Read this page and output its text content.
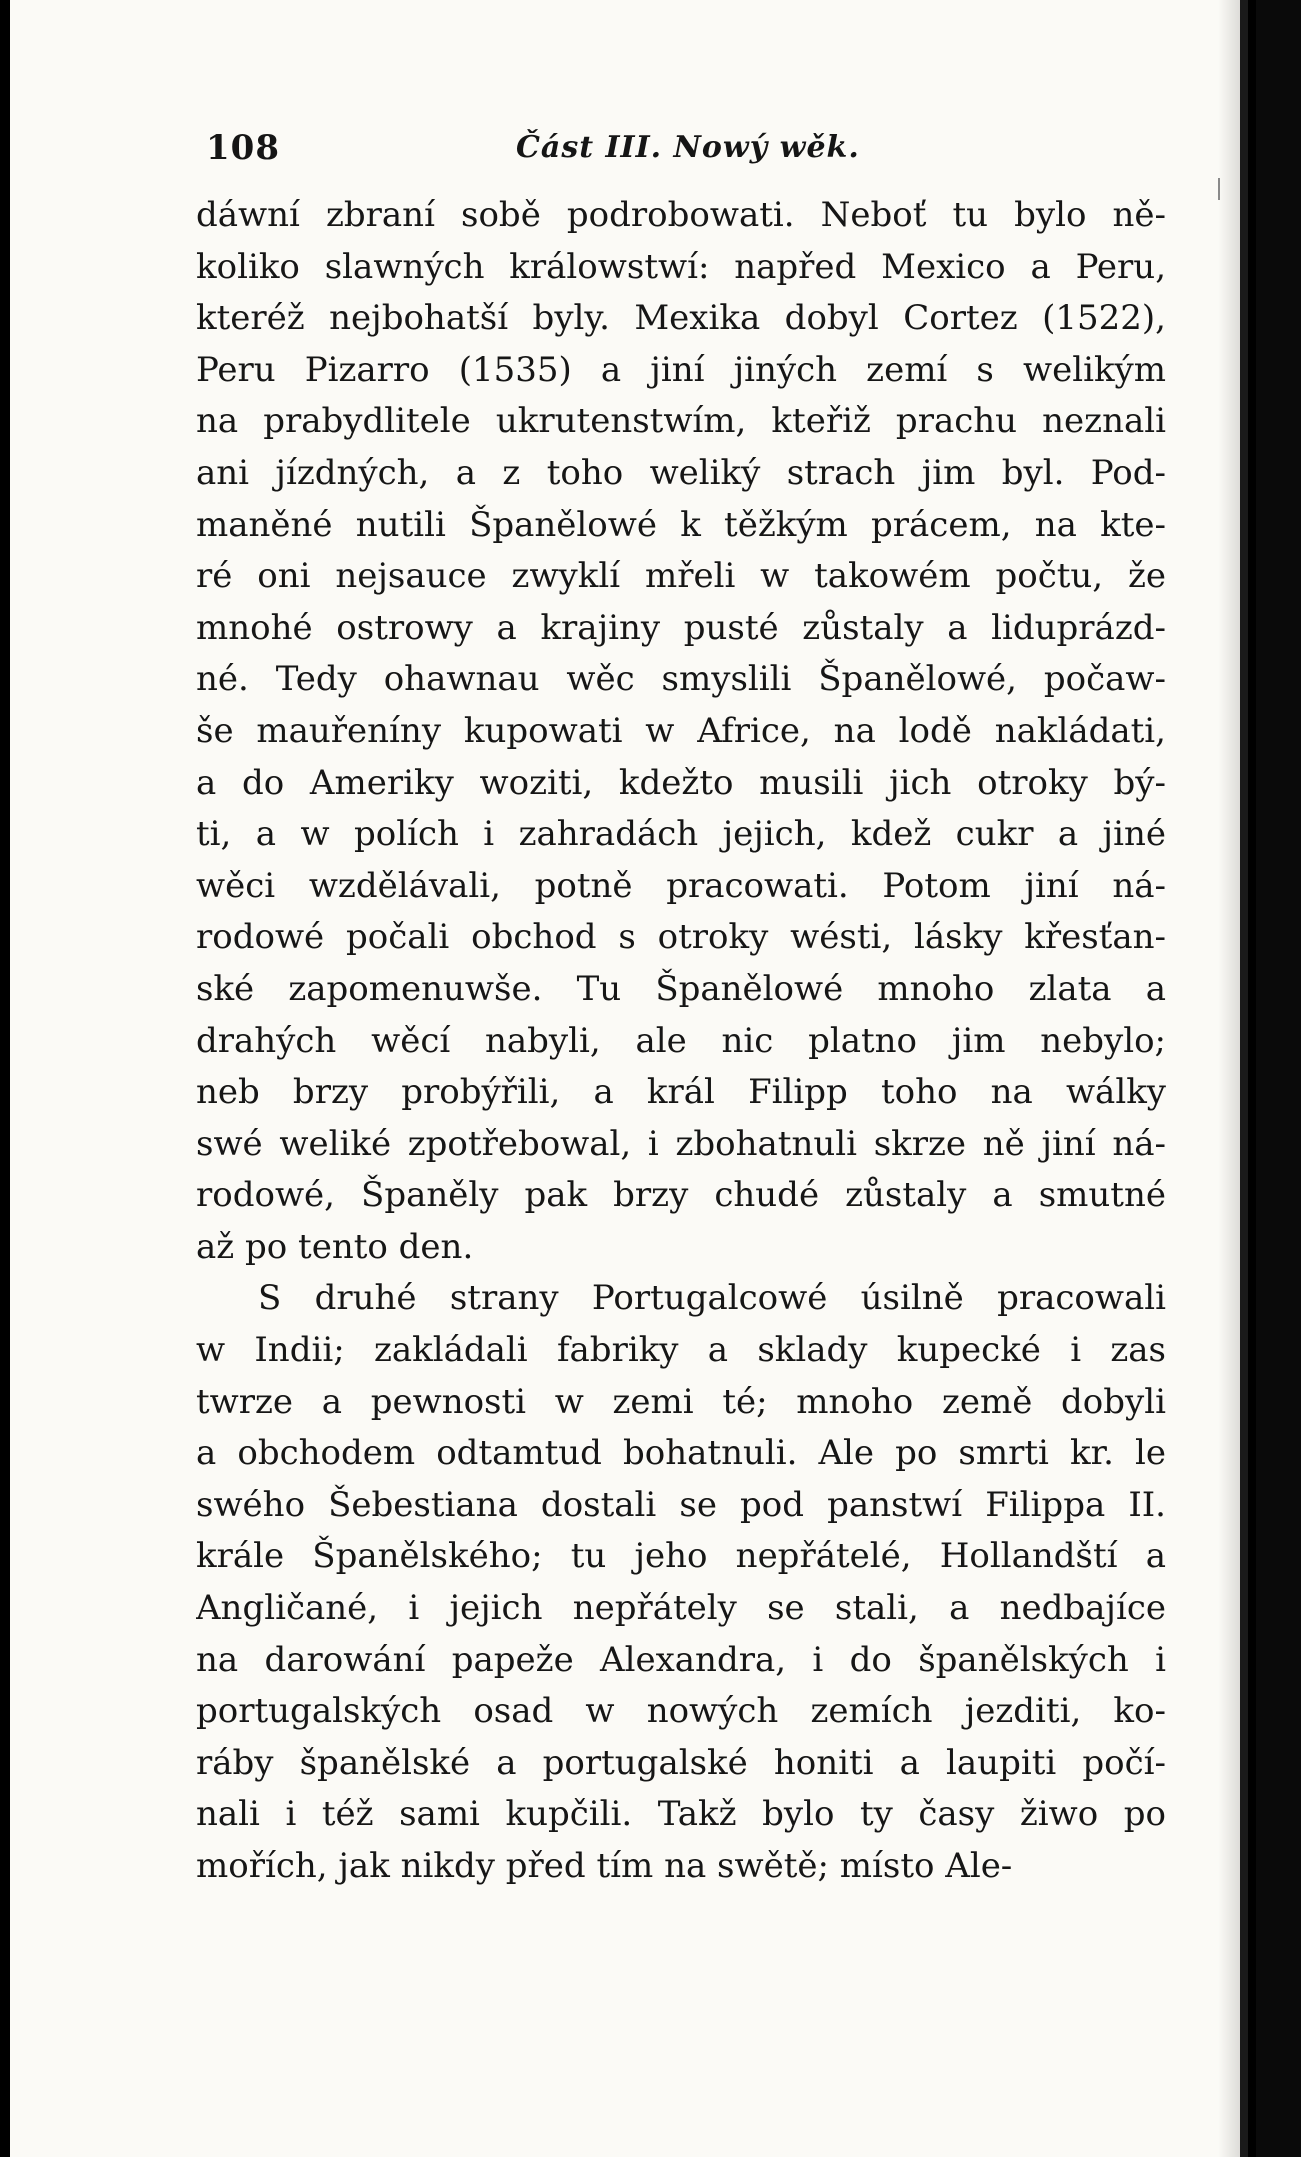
108	Část III. Nowý wěk.
dáwní zbraní sobě podrobowati. Neboť tu bylo ně-
koliko slawných králowstwí: napřed Mexico a Peru,
kteréž nejbohatší byly. Mexika dobyl Cortez (1522),
Peru Pizarro (1535) a jiní jiných zemí s welikým
na prabydlitele ukrutenstwím, kteřiž prachu neznali
ani jízdných, a z toho weliký strach jim byl. Pod-
maněné nutili Španělowé k těžkým prácem, na kte-
ré oni nejsauce zwyklí mřeli w takowém počtu, že
mnohé ostrowy a krajiny pusté zůstaly a liduprázd-
né. Tedy ohawnau wěc smyslili Španělowé, počaw-
še mauřeníny kupowati w Africe, na lodě nakládati,
a do Ameriky woziti, kdežto musili jich otroky bý-
ti, a w polích i zahradách jejich, kdež cukr a jiné
wěci wzdělávali, potně pracowati. Potom jiní ná-
rodowé počali obchod s otroky wésti, lásky křesťan-
ské zapomenuwše. Tu Španělowé mnoho zlata a
drahých wěcí nabyli, ale nic platno jim nebylo;
neb brzy probýřili, a král Filipp toho na wálky
swé weliké zpotřebowal, i zbohatnuli skrze ně jiní ná-
rodowé, Španěly pak brzy chudé zůstaly a smutné
až po tento den.
S druhé strany Portugalcowé úsilně pracowali
w Indii; zakládali fabriky a sklady kupecké i zas
twrze a pewnosti w zemi té; mnoho země dobyli
a obchodem odtamtud bohatnuli. Ale po smrti kr. le
swého Šebestiana dostali se pod panstwí Filippa II.
krále Španělského; tu jeho nepřátelé, Hollandští a
Angličané, i jejich nepřátely se stali, a nedbajíce
na darowání papeže Alexandra, i do španělských i
portugalských osad w nowých zemích jezditi, ko-
ráby španělské a portugalské honiti a laupiti počí-
nali i též sami kupčili. Takž bylo ty časy žiwo po
mořích, jak nikdy před tím na swětě; místo Ale-
